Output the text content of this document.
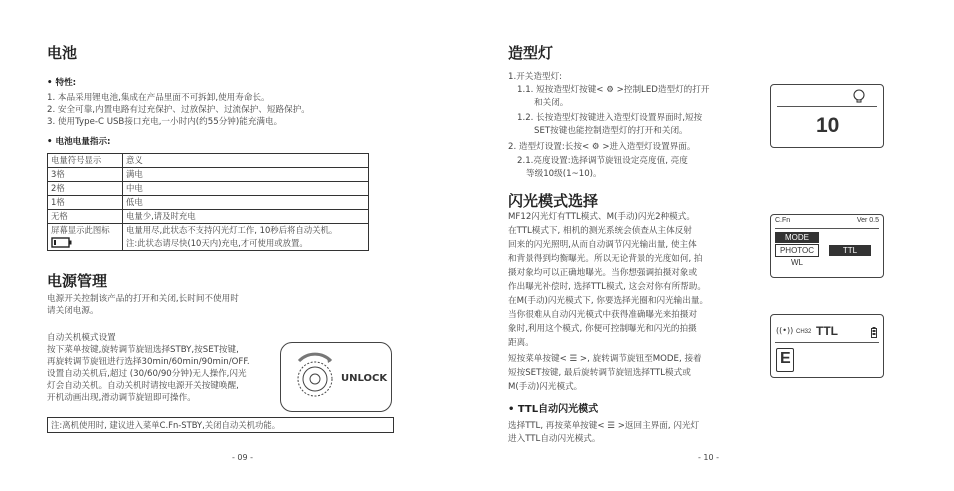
电池
• 特性:
1. 本品采用锂电池,集成在产品里面不可拆卸,使用寿命长。
2. 安全可靠,内置电路有过充保护、过放保护、过流保护、短路保护。
3. 使用Type-C USB接口充电,一小时内(约55分钟)能充满电。
• 电池电量指示:
电量符号显示	意义
3格	满电
2格	中电
1格	低电
无格	电量少,请及时充电

屏幕显示此图标	电量用尽,此状态不支持闪光灯工作, 10秒后将自动关机。
注:此状态请尽快(10天内)充电,才可使用或放置。
电源管理
电源开关控制该产品的打开和关闭,长时间不使用时
请关闭电源。
自动关机模式设置
按下菜单按键,旋转调节旋钮选择STBY,按SET按键,
再旋转调节旋钮进行选择30min/60min/90min/OFF.
设置自动关机后,超过 (30/60/90分钟)无人操作,闪光
灯会自动关机。自动关机时请按电源开关按键唤醒,
开机动画出现,滑动调节旋钮即可操作。
UNLOCK
注:离机使用时, 建议进入菜单C.Fn-STBY,关闭自动关机功能。
- 09 -
造型灯
1.开关造型灯:
1.1. 短按造型灯按键< ⚙ >控制LED造型灯的打开
和关闭。
1.2. 长按造型灯按键进入造型灯设置界面时,短按
SET按键也能控制造型灯的打开和关闭。
2. 造型灯设置:长按< ⚙ >进入造型灯设置界面。
2.1.亮度设置:选择调节旋钮设定亮度值, 亮度
等级10级(1~10)。
闪光模式选择
MF12闪光灯有TTL模式、M(手动)闪光2种模式。
在TTL模式下, 相机的测光系统会侦查从主体反射
回来的闪光照明,从而自动调节闪光输出量, 使主体
和背景得到均衡曝光。所以无论背景的光度如何, 拍
摄对象均可以正确地曝光。当你想强调拍摄对象或
作出曝光补偿时, 选择TTL模式, 这会对你有所帮助。
在M(手动)闪光模式下, 你要选择光圈和闪光输出量。
当你很难从自动闪光模式中获得准确曝光来拍摄对
象时,利用这个模式, 你便可控制曝光和闪光的拍摄
距离。
短按菜单按键< ☰ >, 旋转调节旋钮至MODE, 接着
短按SET按键, 最后旋转调节旋钮选择TTL模式或
M(手动)闪光模式。
• TTL自动闪光模式
选择TTL, 再按菜单按键< ☰ >返回主界面, 闪光灯
进入TTL自动闪光模式。
- 10 -
10
C.Fn	Ver 0.5
MODE
PHOTOC
WL
TTL
((•)) CH32 TTL
E
